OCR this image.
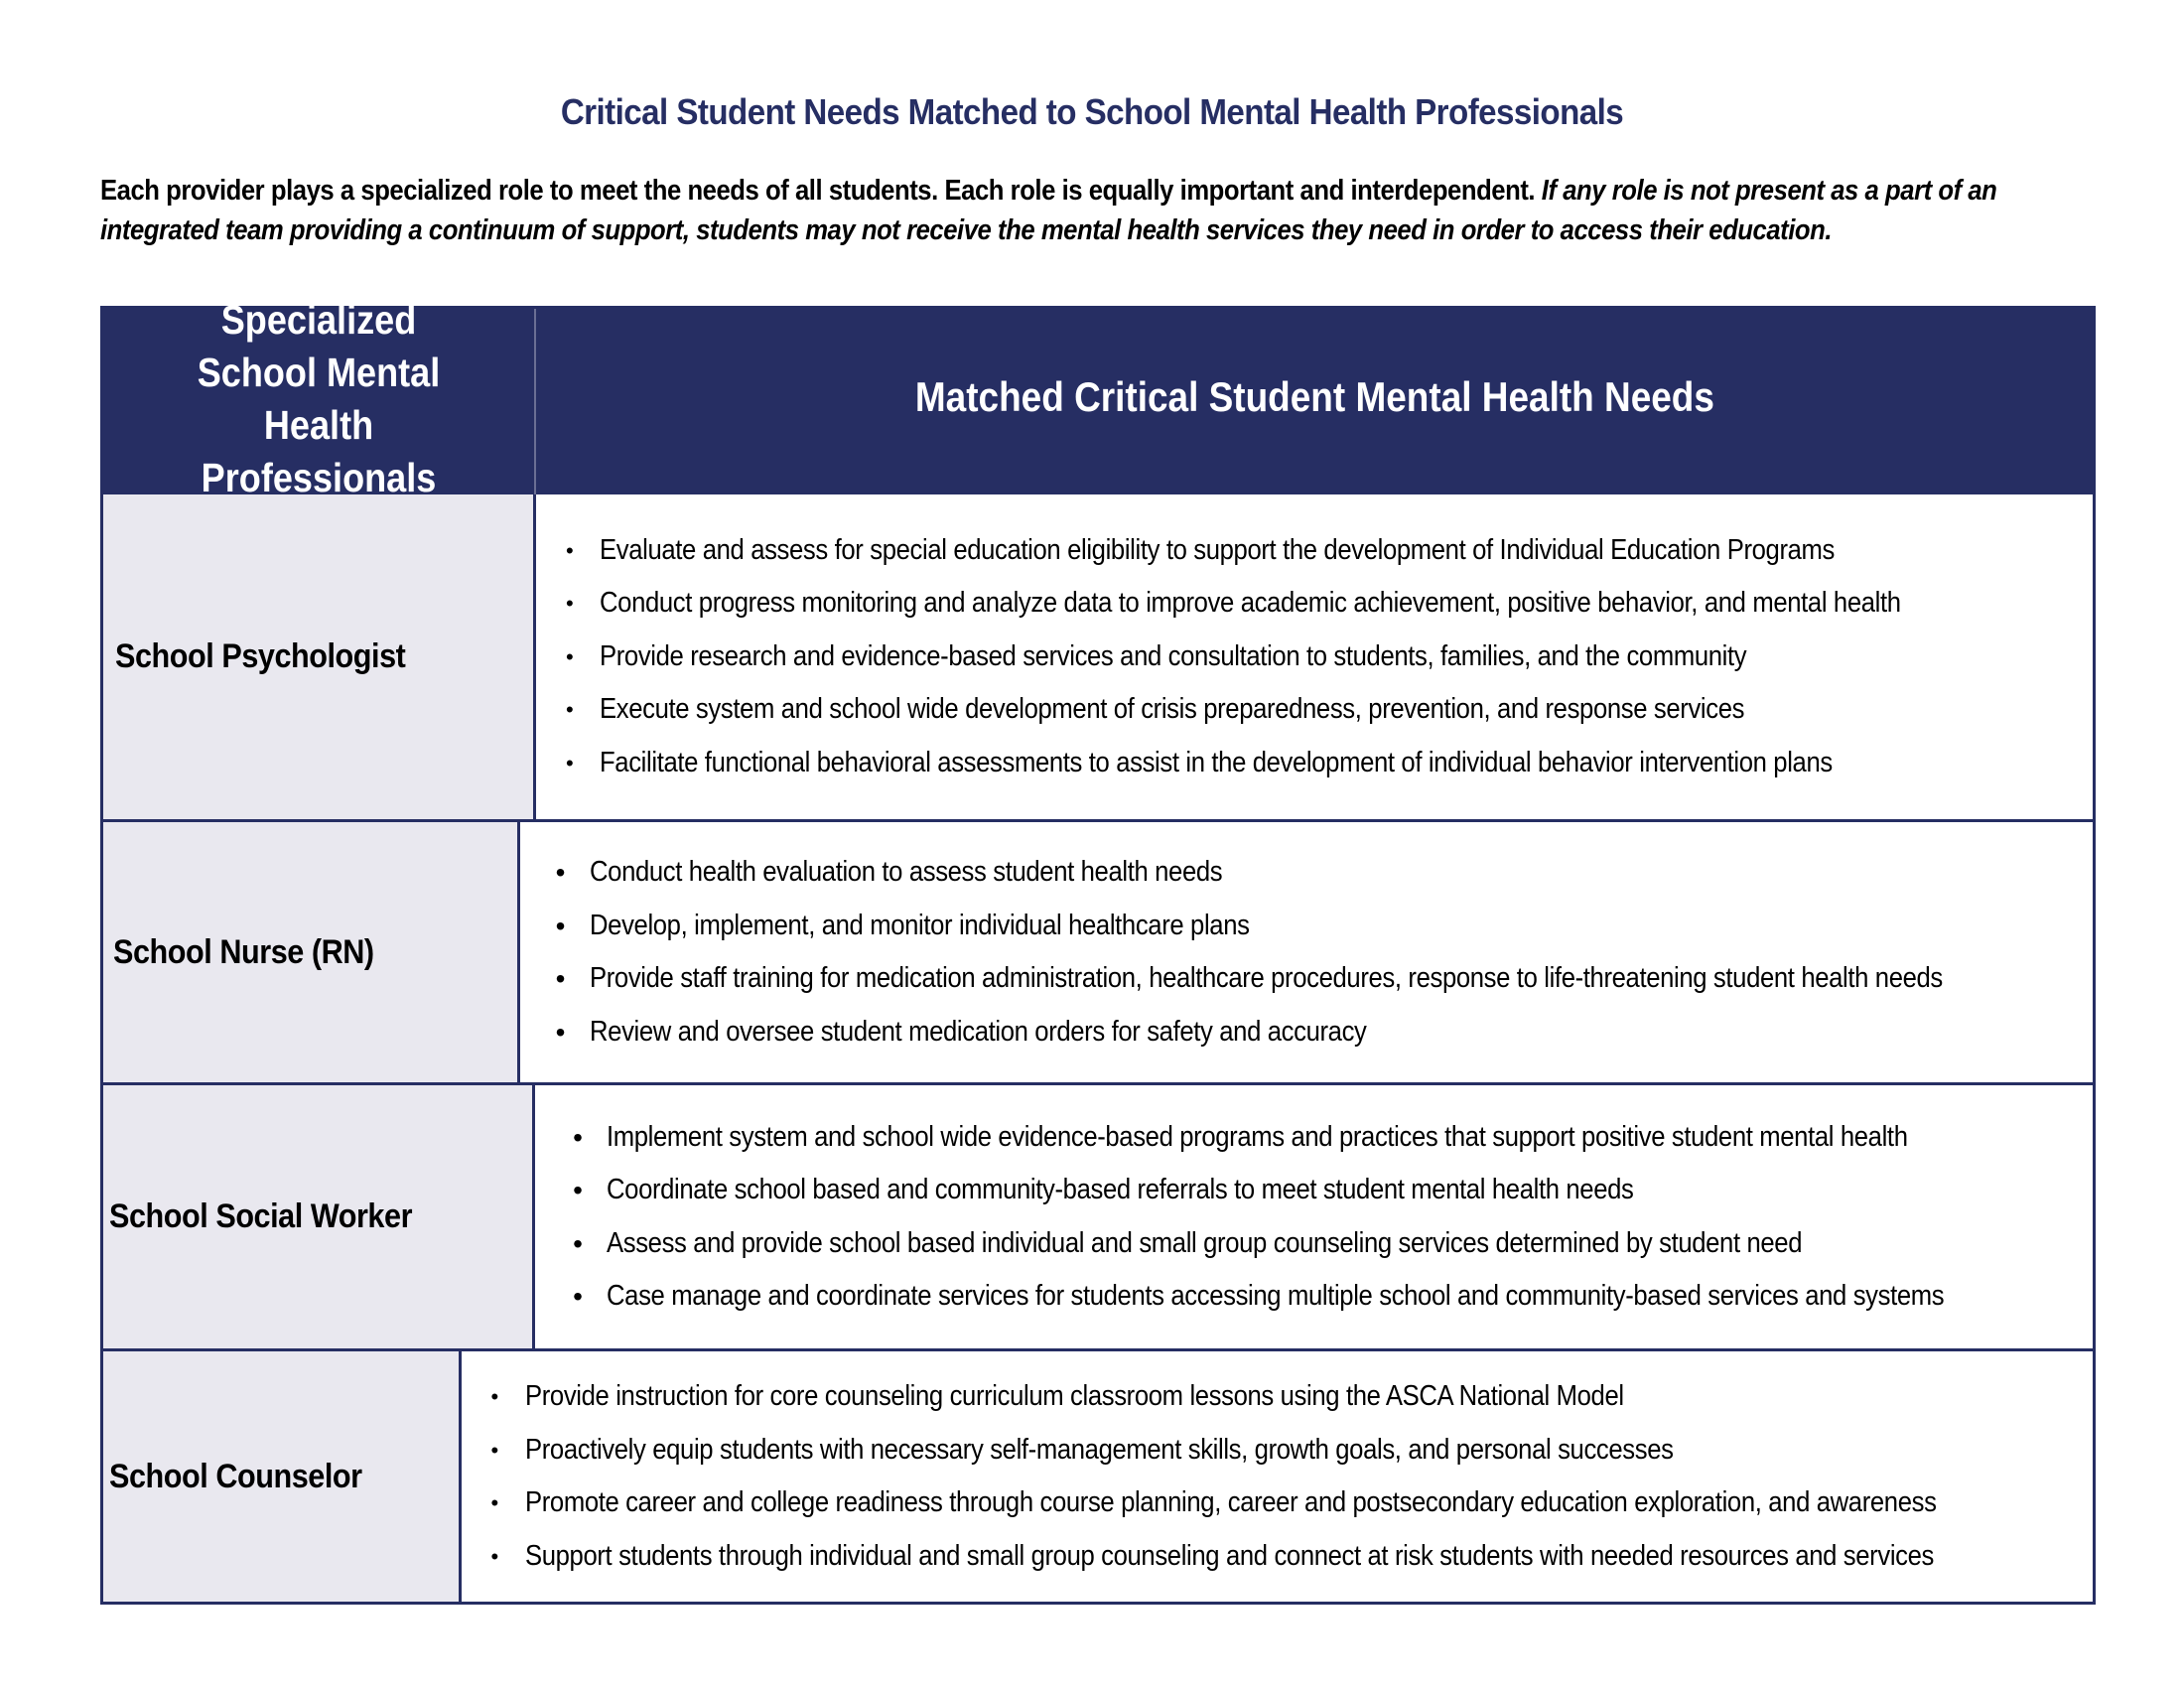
Critical Student Needs Matched to School Mental Health Professionals
Each provider plays a specialized role to meet the needs of all students. Each role is equally important and interdependent. If any role is not present as a part of an
integrated team providing a continuum of support, students may not receive the mental health services they need in order to access their education.
Specialized School Mental Health Professionals
Matched Critical Student Mental Health Needs
School Psychologist
• Evaluate and assess for special education eligibility to support the development of Individual Education Programs
• Conduct progress monitoring and analyze data to improve academic achievement, positive behavior, and mental health
• Provide research and evidence-based services and consultation to students, families, and the community
• Execute system and school wide development of crisis preparedness, prevention, and response services
• Facilitate functional behavioral assessments to assist in the development of individual behavior intervention plans
School Nurse (RN)
• Conduct health evaluation to assess student health needs
• Develop, implement, and monitor individual healthcare plans
• Provide staff training for medication administration, healthcare procedures, response to life-threatening student health needs
• Review and oversee student medication orders for safety and accuracy
School Social Worker
• Implement system and school wide evidence-based programs and practices that support positive student mental health
• Coordinate school based and community-based referrals to meet student mental health needs
• Assess and provide school based individual and small group counseling services determined by student need
• Case manage and coordinate services for students accessing multiple school and community-based services and systems
School Counselor
• Provide instruction for core counseling curriculum classroom lessons using the ASCA National Model
• Proactively equip students with necessary self-management skills, growth goals, and personal successes
• Promote career and college readiness through course planning, career and postsecondary education exploration, and awareness
• Support students through individual and small group counseling and connect at risk students with needed resources and services
